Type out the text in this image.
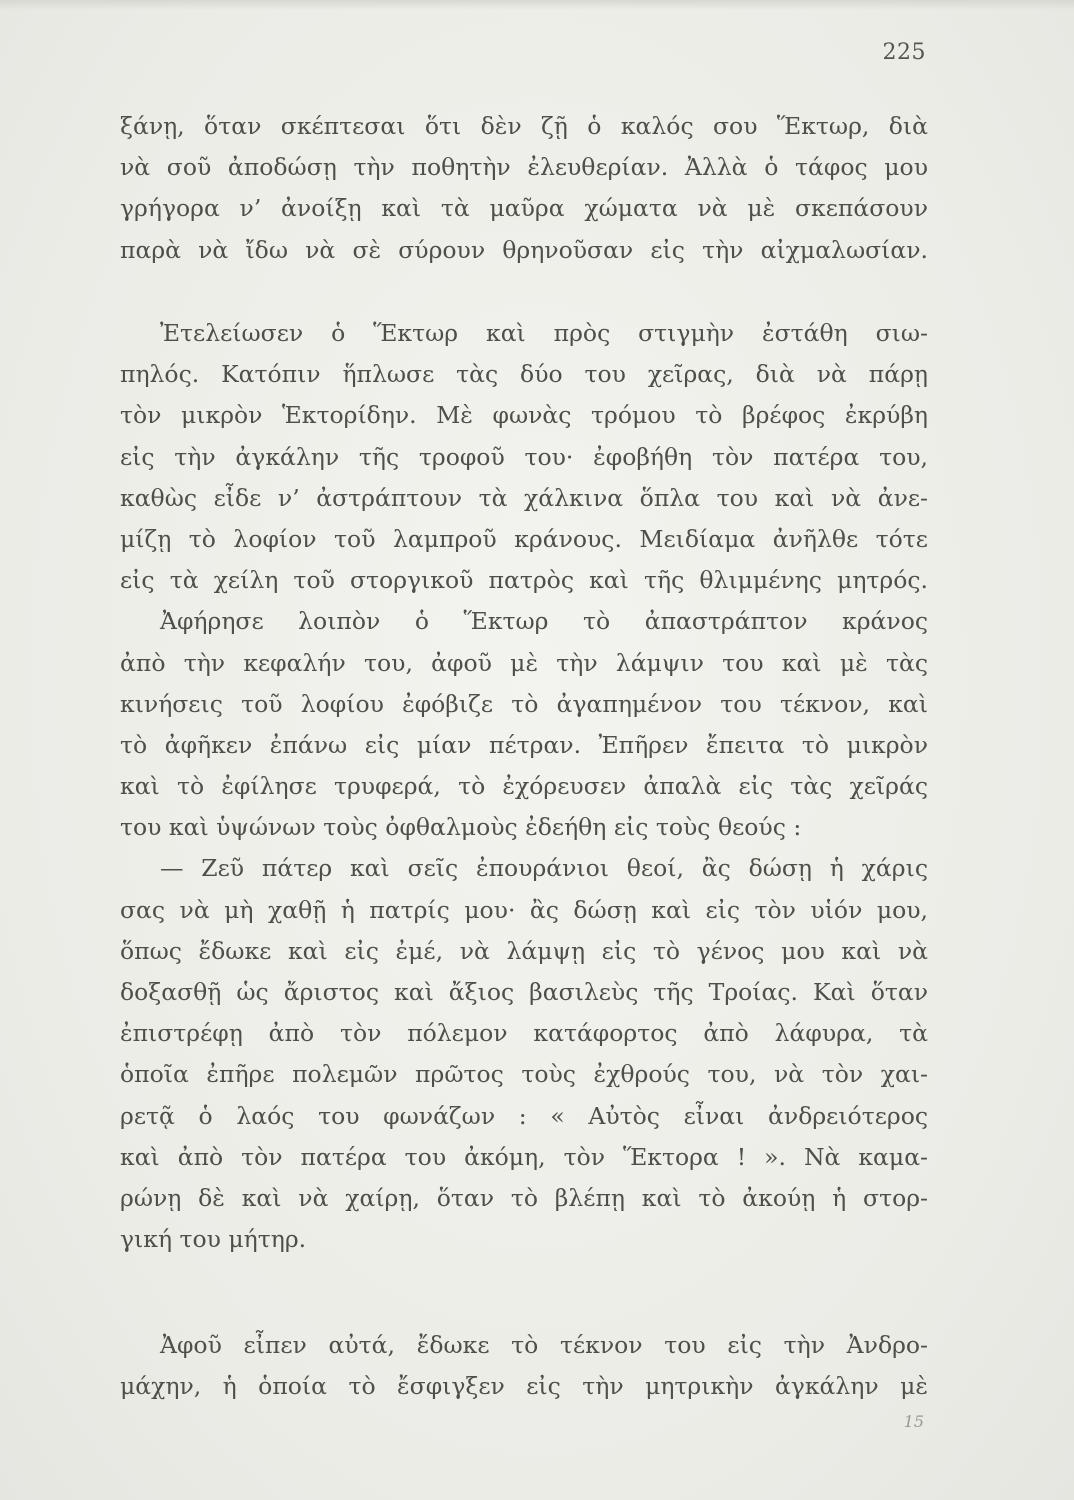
225
ξάνῃ, ὅταν σκέπτεσαι ὅτι δὲν ζῇ ὁ καλός σου Ἕκτωρ, διὰ
νὰ σοῦ ἀποδώσῃ τὴν ποθητὴν ἐλευθερίαν. Ἀλλὰ ὁ τάφος μου
γρήγορα ν’ ἀνοίξῃ καὶ τὰ μαῦρα χώματα νὰ μὲ σκεπάσουν
παρὰ νὰ ἴδω νὰ σὲ σύρουν θρηνοῦσαν εἰς τὴν αἰχμαλωσίαν.
Ἐτελείωσεν ὁ Ἕκτωρ καὶ πρὸς στιγμὴν ἐστάθη σιω-
πηλός. Κατόπιν ἥπλωσε τὰς δύο του χεῖρας, διὰ νὰ πάρῃ
τὸν μικρὸν Ἑκτορίδην. Μὲ φωνὰς τρόμου τὸ βρέφος ἐκρύβη
εἰς τὴν ἀγκάλην τῆς τροφοῦ του· ἐφοβήθη τὸν πατέρα του,
καθὼς εἶδε ν’ ἀστράπτουν τὰ χάλκινα ὅπλα του καὶ νὰ ἀνε-
μίζῃ τὸ λοφίον τοῦ λαμπροῦ κράνους. Μειδίαμα ἀνῆλθε τότε
εἰς τὰ χείλη τοῦ στοργικοῦ πατρὸς καὶ τῆς θλιμμένης μητρός.
Ἀφήρησε λοιπὸν ὁ Ἕκτωρ τὸ ἀπαστράπτον κράνος
ἀπὸ τὴν κεφαλήν του, ἀφοῦ μὲ τὴν λάμψιν του καὶ μὲ τὰς
κινήσεις τοῦ λοφίου ἐφόβιζε τὸ ἀγαπημένον του τέκνον, καὶ
τὸ ἀφῆκεν ἐπάνω εἰς μίαν πέτραν. Ἐπῆρεν ἔπειτα τὸ μικρὸν
καὶ τὸ ἐφίλησε τρυφερά, τὸ ἐχόρευσεν ἀπαλὰ εἰς τὰς χεῖράς
του καὶ ὑψώνων τοὺς ὀφθαλμοὺς ἐδεήθη εἰς τοὺς θεούς :
— Ζεῦ πάτερ καὶ σεῖς ἐπουράνιοι θεοί, ἂς δώσῃ ἡ χάρις
σας νὰ μὴ χαθῇ ἡ πατρίς μου· ἂς δώσῃ καὶ εἰς τὸν υἱόν μου,
ὅπως ἔδωκε καὶ εἰς ἐμέ, νὰ λάμψῃ εἰς τὸ γένος μου καὶ νὰ
δοξασθῇ ὡς ἄριστος καὶ ἄξιος βασιλεὺς τῆς Τροίας. Καὶ ὅταν
ἐπιστρέφῃ ἀπὸ τὸν πόλεμον κατάφορτος ἀπὸ λάφυρα, τὰ
ὁποῖα ἐπῆρε πολεμῶν πρῶτος τοὺς ἐχθρούς του, νὰ τὸν χαι-
ρετᾷ ὁ λαός του φωνάζων : « Αὐτὸς εἶναι ἀνδρειότερος
καὶ ἀπὸ τὸν πατέρα του ἀκόμη, τὸν Ἕκτορα ! ». Νὰ καμα-
ρώνῃ δὲ καὶ νὰ χαίρῃ, ὅταν τὸ βλέπῃ καὶ τὸ ἀκούῃ ἡ στορ-
γική του μήτηρ.
Ἀφοῦ εἶπεν αὐτά, ἔδωκε τὸ τέκνον του εἰς τὴν Ἀνδρο-
μάχην, ἡ ὁποία τὸ ἔσφιγξεν εἰς τὴν μητρικὴν ἀγκάλην μὲ
15
